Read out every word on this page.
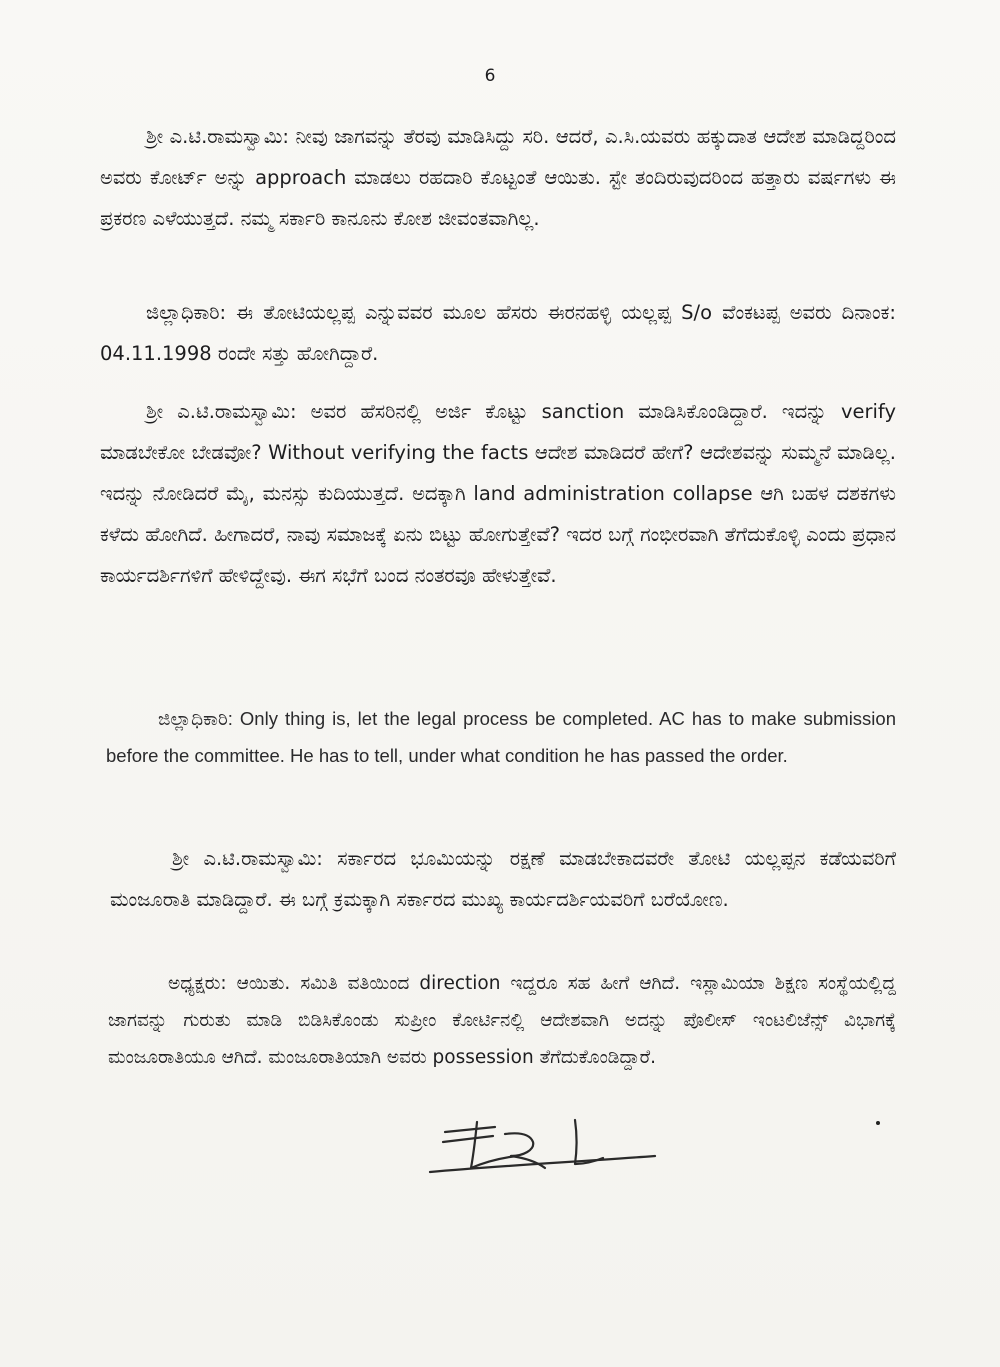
6

ಶ್ರೀ ಎ.ಟಿ.ರಾಮಸ್ವಾಮಿ: ನೀವು ಜಾಗವನ್ನು ತೆರವು ಮಾಡಿಸಿದ್ದು ಸರಿ. ಆದರೆ, ಎ.ಸಿ.ಯವರು ಹಕ್ಕುದಾತ ಆದೇಶ ಮಾಡಿದ್ದರಿಂದ ಅವರು ಕೋರ್ಟ್ ಅನ್ನು approach ಮಾಡಲು ರಹದಾರಿ ಕೊಟ್ಟಂತೆ ಆಯಿತು. ಸ್ಟೇ ತಂದಿರುವುದರಿಂದ ಹತ್ತಾರು ವರ್ಷಗಳು ಈ ಪ್ರಕರಣ ಎಳೆಯುತ್ತದೆ. ನಮ್ಮ ಸರ್ಕಾರಿ ಕಾನೂನು ಕೋಶ ಜೀವಂತವಾಗಿಲ್ಲ.

ಜಿಲ್ಲಾಧಿಕಾರಿ: ಈ ತೋಟಿಯಲ್ಲಪ್ಪ ಎನ್ನುವವರ ಮೂಲ ಹೆಸರು ಈರನಹಳ್ಳಿ ಯಲ್ಲಪ್ಪ S/o ವೆಂಕಟಪ್ಪ ಅವರು ದಿನಾಂಕ: 04.11.1998 ರಂದೇ ಸತ್ತು ಹೋಗಿದ್ದಾರೆ.

ಶ್ರೀ ಎ.ಟಿ.ರಾಮಸ್ವಾಮಿ: ಅವರ ಹೆಸರಿನಲ್ಲಿ ಅರ್ಜಿ ಕೊಟ್ಟು sanction ಮಾಡಿಸಿಕೊಂಡಿದ್ದಾರೆ. ಇದನ್ನು verify ಮಾಡಬೇಕೋ ಬೇಡವೋ? Without verifying the facts ಆದೇಶ ಮಾಡಿದರೆ ಹೇಗೆ? ಆದೇಶವನ್ನು ಸುಮ್ಮನೆ ಮಾಡಿಲ್ಲ. ಇದನ್ನು ನೋಡಿದರೆ ಮೈ, ಮನಸ್ಸು ಕುದಿಯುತ್ತದೆ. ಅದಕ್ಕಾಗಿ land administration collapse ಆಗಿ ಬಹಳ ದಶಕಗಳು ಕಳೆದು ಹೋಗಿದೆ. ಹೀಗಾದರೆ, ನಾವು ಸಮಾಜಕ್ಕೆ ಏನು ಬಿಟ್ಟು ಹೋಗುತ್ತೇವೆ? ಇದರ ಬಗ್ಗೆ ಗಂಭೀರವಾಗಿ ತೆಗೆದುಕೊಳ್ಳಿ ಎಂದು ಪ್ರಧಾನ ಕಾರ್ಯದರ್ಶಿಗಳಿಗೆ ಹೇಳಿದ್ದೇವು. ಈಗ ಸಭೆಗೆ ಬಂದ ನಂತರವೂ ಹೇಳುತ್ತೇವೆ.

ಜಿಲ್ಲಾಧಿಕಾರಿ: Only thing is, let the legal process be completed. AC has to make submission before the committee. He has to tell, under what condition he has passed the order.

ಶ್ರೀ ಎ.ಟಿ.ರಾಮಸ್ವಾಮಿ: ಸರ್ಕಾರದ ಭೂಮಿಯನ್ನು ರಕ್ಷಣೆ ಮಾಡಬೇಕಾದವರೇ ತೋಟಿ ಯಲ್ಲಪ್ಪನ ಕಡೆಯವರಿಗೆ ಮಂಜೂರಾತಿ ಮಾಡಿದ್ದಾರೆ. ಈ ಬಗ್ಗೆ ಕ್ರಮಕ್ಕಾಗಿ ಸರ್ಕಾರದ ಮುಖ್ಯ ಕಾರ್ಯದರ್ಶಿಯವರಿಗೆ ಬರೆಯೋಣ.

ಅಧ್ಯಕ್ಷರು: ಆಯಿತು. ಸಮಿತಿ ವತಿಯಿಂದ direction ಇದ್ದರೂ ಸಹ ಹೀಗೆ ಆಗಿದೆ. ಇಸ್ಲಾಮಿಯಾ ಶಿಕ್ಷಣ ಸಂಸ್ಥೆಯಲ್ಲಿದ್ದ ಜಾಗವನ್ನು ಗುರುತು ಮಾಡಿ ಬಿಡಿಸಿಕೊಂಡು ಸುಪ್ರೀಂ ಕೋರ್ಟಿನಲ್ಲಿ ಆದೇಶವಾಗಿ ಅದನ್ನು ಪೊಲೀಸ್ ಇಂಟಲಿಜೆನ್ಸ್ ವಿಭಾಗಕ್ಕೆ ಮಂಜೂರಾತಿಯೂ ಆಗಿದೆ. ಮಂಜೂರಾತಿಯಾಗಿ ಅವರು possession ತೆಗೆದುಕೊಂಡಿದ್ದಾರೆ.
